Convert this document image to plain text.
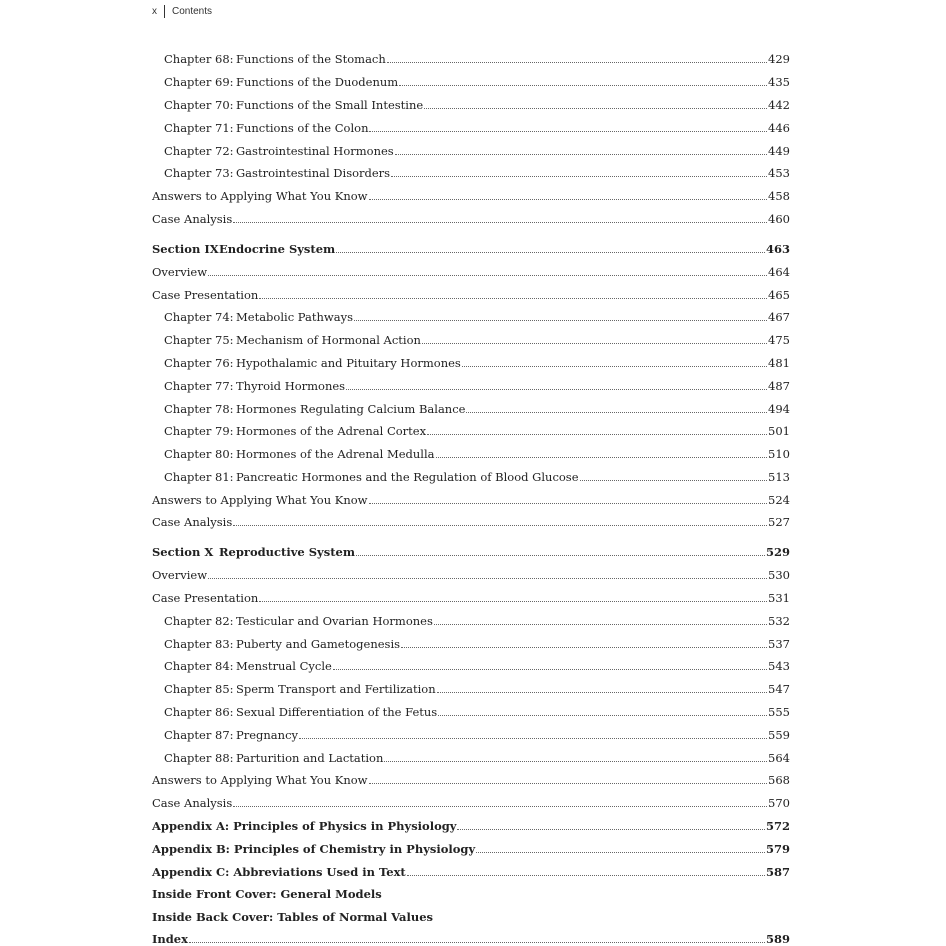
x Contents
Chapter 68: Functions of the Stomach	429
Chapter 69: Functions of the Duodenum	435
Chapter 70: Functions of the Small Intestine	442
Chapter 71: Functions of the Colon	446
Chapter 72: Gastrointestinal Hormones	449
Chapter 73: Gastrointestinal Disorders	453
Answers to Applying What You Know	458
Case Analysis	460
Section IX Endocrine System	463
Overview	464
Case Presentation	465
Chapter 74: Metabolic Pathways	467
Chapter 75: Mechanism of Hormonal Action	475
Chapter 76: Hypothalamic and Pituitary Hormones	481
Chapter 77: Thyroid Hormones	487
Chapter 78: Hormones Regulating Calcium Balance	494
Chapter 79: Hormones of the Adrenal Cortex	501
Chapter 80: Hormones of the Adrenal Medulla	510
Chapter 81: Pancreatic Hormones and the Regulation of Blood Glucose	513
Answers to Applying What You Know	524
Case Analysis	527
Section X Reproductive System	529
Overview	530
Case Presentation	531
Chapter 82: Testicular and Ovarian Hormones	532
Chapter 83: Puberty and Gametogenesis	537
Chapter 84: Menstrual Cycle	543
Chapter 85: Sperm Transport and Fertilization	547
Chapter 86: Sexual Differentiation of the Fetus	555
Chapter 87: Pregnancy	559
Chapter 88: Parturition and Lactation	564
Answers to Applying What You Know	568
Case Analysis	570
Appendix A: Principles of Physics in Physiology	572
Appendix B: Principles of Chemistry in Physiology	579
Appendix C: Abbreviations Used in Text	587
Inside Front Cover: General Models
Inside Back Cover: Tables of Normal Values
Index	589
